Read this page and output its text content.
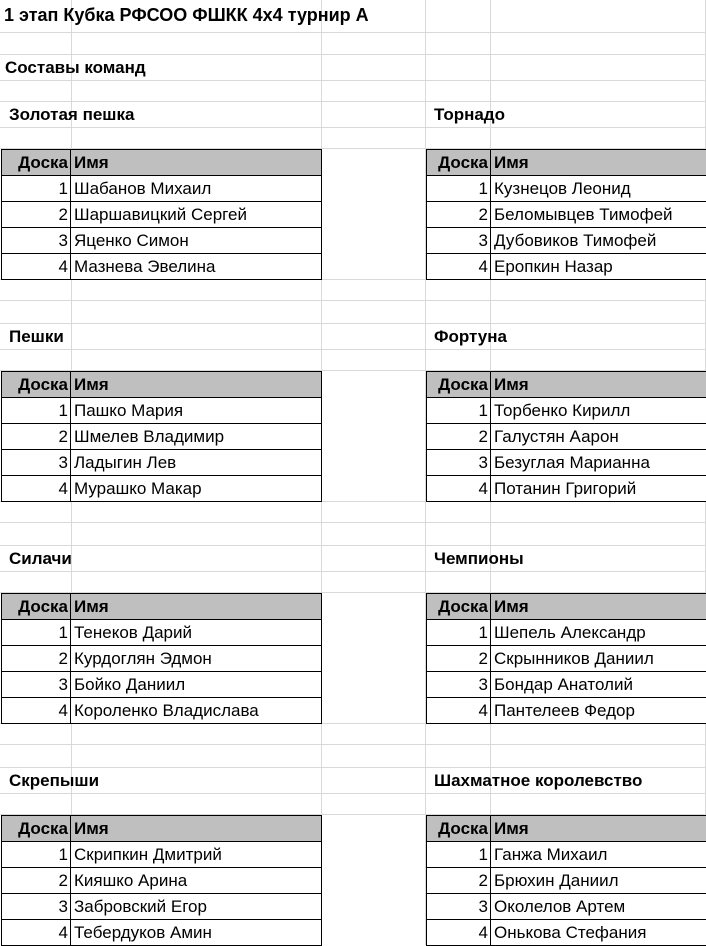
1 этап Кубка РФСОО ФШКК 4х4 турнир А
Составы команд
Золотая пешка
Доска	Имя
1	Шабанов Михаил
2	Шаршавицкий Сергей
3	Яценко Симон
4	Мазнева Эвелина
Торнадо
Доска	Имя
1	Кузнецов Леонид
2	Беломывцев Тимофей
3	Дубовиков Тимофей
4	Еропкин Назар
Пешки
Доска	Имя
1	Пашко Мария
2	Шмелев Владимир
3	Ладыгин Лев
4	Мурашко Макар
Фортуна
Доска	Имя
1	Торбенко Кирилл
2	Галустян Аарон
3	Безуглая Марианна
4	Потанин Григорий
Силачи
Доска	Имя
1	Тенеков Дарий
2	Курдоглян Эдмон
3	Бойко Даниил
4	Короленко Владислава
Чемпионы
Доска	Имя
1	Шепель Александр
2	Скрынников Даниил
3	Бондар Анатолий
4	Пантелеев Федор
Скрепыши
Доска	Имя
1	Скрипкин Дмитрий
2	Кияшко Арина
3	Забровский Егор
4	Тебердуков Амин
Шахматное королевство
Доска	Имя
1	Ганжа Михаил
2	Брюхин Даниил
3	Околелов Артем
4	Онькова Стефания
